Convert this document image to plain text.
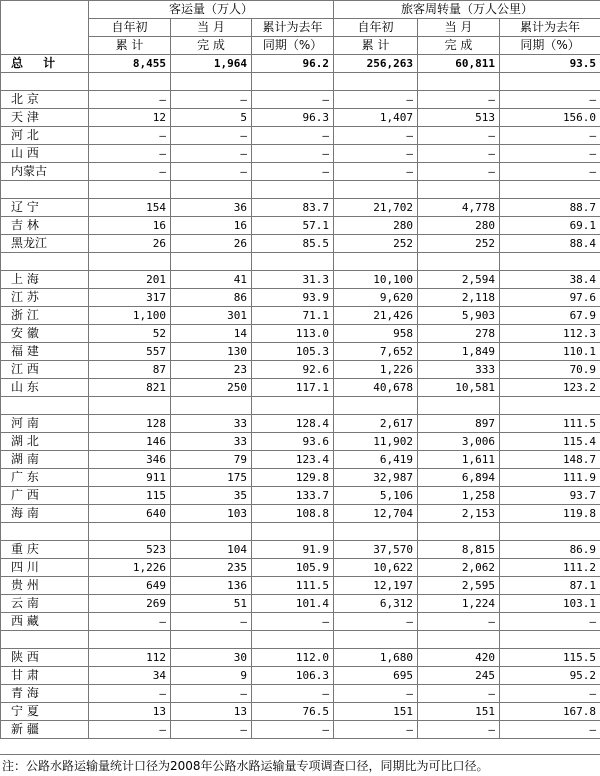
	客运量（万人）			旅客周转量（万人公里）		
	自年初	当 月	累计为去年	自年初	当 月	累计为去年
	累 计	完 成	同期（%）	累 计	完 成	同期（%）
总 计	8,455	1,964	96.2	256,263	60,811	93.5

北 京	–	–	–	–	–	–
天 津	12	5	96.3	1,407	513	156.0
河 北	–	–	–	–	–	–
山 西	–	–	–	–	–	–
内蒙古	–	–	–	–	–	–

辽 宁	154	36	83.7	21,702	4,778	88.7
吉 林	16	16	57.1	280	280	69.1
黑龙江	26	26	85.5	252	252	88.4

上 海	201	41	31.3	10,100	2,594	38.4
江 苏	317	86	93.9	9,620	2,118	97.6
浙 江	1,100	301	71.1	21,426	5,903	67.9
安 徽	52	14	113.0	958	278	112.3
福 建	557	130	105.3	7,652	1,849	110.1
江 西	87	23	92.6	1,226	333	70.9
山 东	821	250	117.1	40,678	10,581	123.2

河 南	128	33	128.4	2,617	897	111.5
湖 北	146	33	93.6	11,902	3,006	115.4
湖 南	346	79	123.4	6,419	1,611	148.7
广 东	911	175	129.8	32,987	6,894	111.9
广 西	115	35	133.7	5,106	1,258	93.7
海 南	640	103	108.8	12,704	2,153	119.8

重 庆	523	104	91.9	37,570	8,815	86.9
四 川	1,226	235	105.9	10,622	2,062	111.2
贵 州	649	136	111.5	12,197	2,595	87.1
云 南	269	51	101.4	6,312	1,224	103.1
西 藏	–	–	–	–	–	–

陕 西	112	30	112.0	1,680	420	115.5
甘 肃	34	9	106.3	695	245	95.2
青 海	–	–	–	–	–	–
宁 夏	13	13	76.5	151	151	167.8
新 疆	–	–	–	–	–	–
注：公路水路运输量统计口径为2008年公路水路运输量专项调查口径，同期比为可比口径。
